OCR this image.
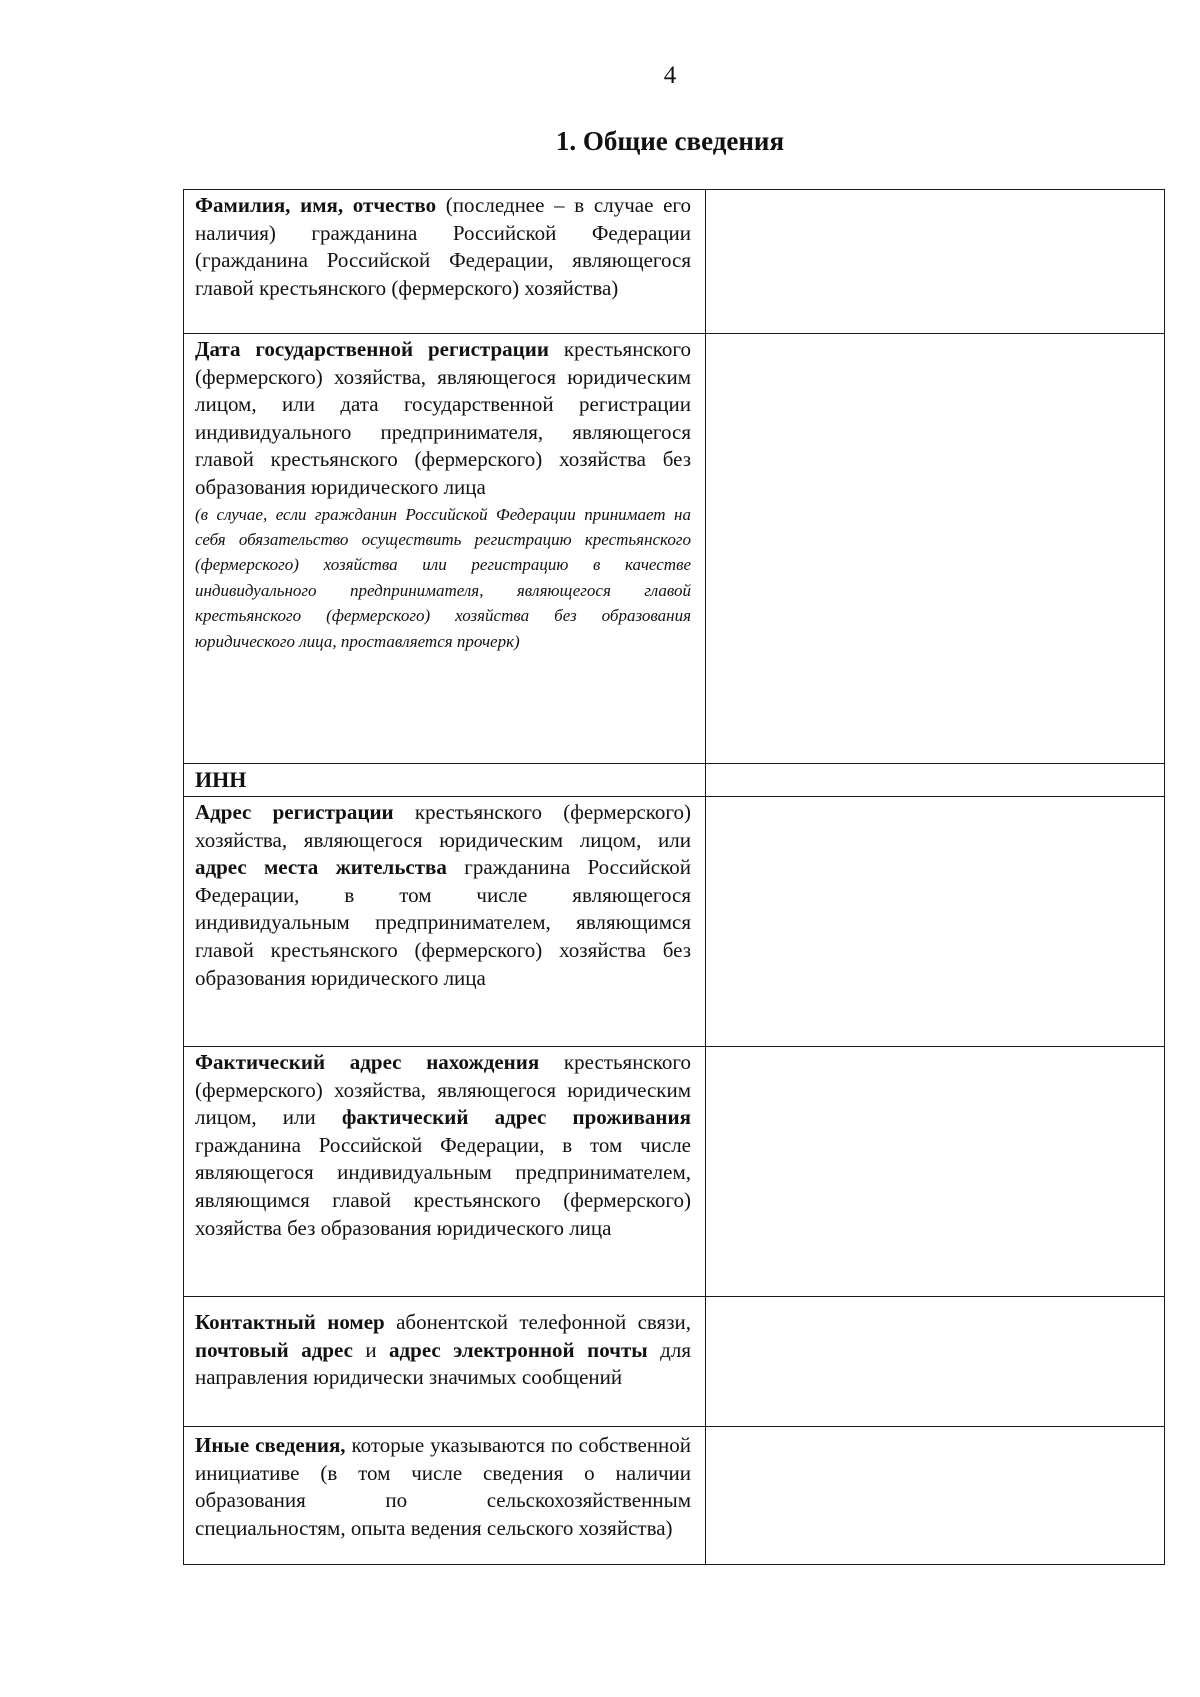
4
1. Общие сведения
Фамилия, имя, отчество (последнее – в случае его наличия) гражданина Российской Федерации (гражданина Российской Федерации, являющегося главой крестьянского (фермерского) хозяйства)	
Дата государственной регистрации крестьянского (фермерского) хозяйства, являющегося юридическим лицом, или дата государственной регистрации индивидуального предпринимателя, являющегося главой крестьянского (фермерского) хозяйства без образования юридического лица
(в случае, если гражданин Российской Федерации принимает на себя обязательство осуществить регистрацию крестьянского (фермерского) хозяйства или регистрацию в качестве индивидуального предпринимателя, являющегося главой крестьянского (фермерского) хозяйства без образования юридического лица, проставляется прочерк)	

ИНН	
Адрес регистрации крестьянского (фермерского) хозяйства, являющегося юридическим лицом, или адрес места жительства гражданина Российской Федерации, в том числе являющегося индивидуальным предпринимателем, являющимся главой крестьянского (фермерского) хозяйства без образования юридического лица	
Фактический адрес нахождения крестьянского (фермерского) хозяйства, являющегося юридическим лицом, или фактический адрес проживания гражданина Российской Федерации, в том числе являющегося индивидуальным предпринимателем, являющимся главой крестьянского (фермерского) хозяйства без образования юридического лица	
Контактный номер абонентской телефонной связи, почтовый адрес и адрес электронной почты для направления юридически значимых сообщений	
Иные сведения, которые указываются по собственной инициативе (в том числе сведения о наличии образования по сельскохозяйственным специальностям, опыта ведения сельского хозяйства)	
